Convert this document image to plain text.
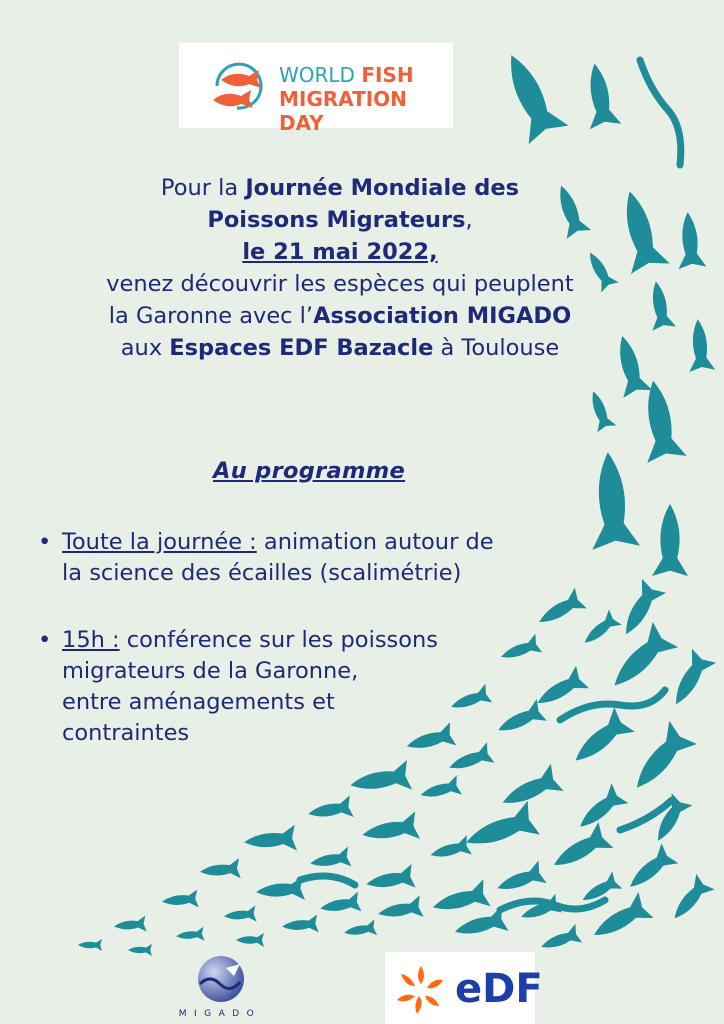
WORLD FISH
MIGRATION DAY
Pour la Journée Mondiale des
Poissons Migrateurs,
le 21 mai 2022,
venez découvrir les espèces qui peuplent
la Garonne avec l’Association MIGADO
aux Espaces EDF Bazacle à Toulouse
Au programme
• Toute la journée : animation autour de
la science des écailles (scalimétrie)
• 15h : conférence sur les poissons
migrateurs de la Garonne,
entre aménagements et
contraintes
MIGADO
eDF
